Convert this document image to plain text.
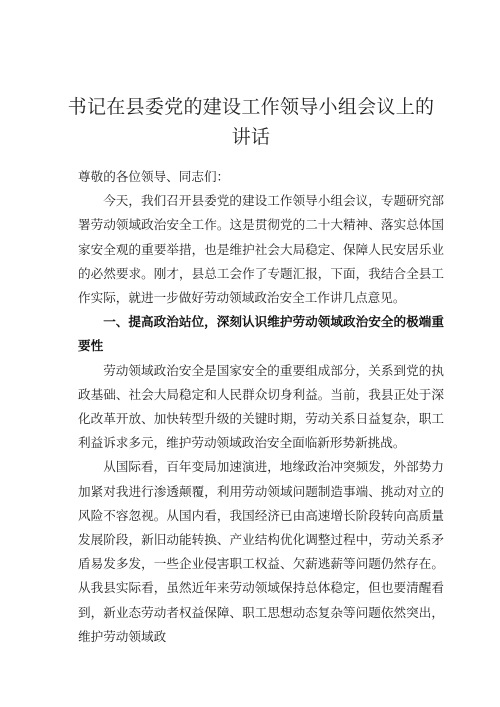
书记在县委党的建设工作领导小组会议上的讲话

尊敬的各位领导、同志们：

今天，我们召开县委党的建设工作领导小组会议，专题研究部署劳动领域政治安全工作。这是贯彻党的二十大精神、落实总体国家安全观的重要举措，也是维护社会大局稳定、保障人民安居乐业的必然要求。刚才，县总工会作了专题汇报，下面，我结合全县工作实际，就进一步做好劳动领域政治安全工作讲几点意见。

一、提高政治站位，深刻认识维护劳动领域政治安全的极端重要性

劳动领域政治安全是国家安全的重要组成部分，关系到党的执政基础、社会大局稳定和人民群众切身利益。当前，我县正处于深化改革开放、加快转型升级的关键时期，劳动关系日益复杂，职工利益诉求多元，维护劳动领域政治安全面临新形势新挑战。

从国际看，百年变局加速演进，地缘政治冲突频发，外部势力加紧对我进行渗透颠覆，利用劳动领域问题制造事端、挑动对立的风险不容忽视。从国内看，我国经济已由高速增长阶段转向高质量发展阶段，新旧动能转换、产业结构优化调整过程中，劳动关系矛盾易发多发，一些企业侵害职工权益、欠薪逃薪等问题仍然存在。从我县实际看，虽然近年来劳动领域保持总体稳定，但也要清醒看到，新业态劳动者权益保障、职工思想动态复杂等问题依然突出，维护劳动领域政
